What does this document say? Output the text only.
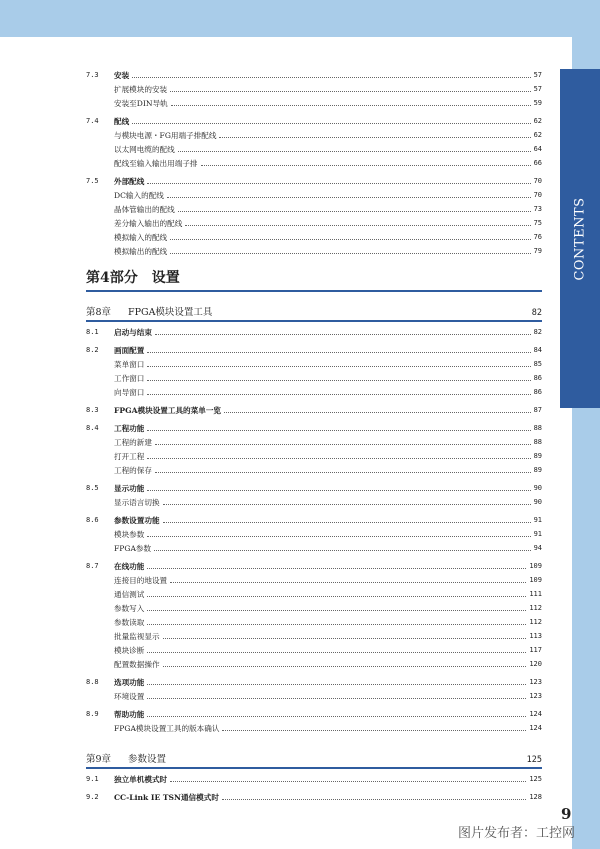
CONTENTS
7.3	安装	57
扩展模块的安装	57
安装至DIN导轨	59
7.4	配线	62
与模块电源・FG用端子排配线	62
以太网电缆的配线	64
配线至输入输出用端子排	66
7.5	外部配线	70
DC输入的配线	70
晶体管输出的配线	73
差分输入输出的配线	75
模拟输入的配线	76
模拟输出的配线	79
第4部分 设置
第8章	FPGA模块设置工具	82
8.1	启动与结束	82
8.2	画面配置	84
菜单窗口	85
工作窗口	86
向导窗口	86
8.3	FPGA模块设置工具的菜单一览	87
8.4	工程功能	88
工程的新建	88
打开工程	89
工程的保存	89
8.5	显示功能	90
显示语言切换	90
8.6	参数设置功能	91
模块参数	91
FPGA参数	94
8.7	在线功能	109
连接目的地设置	109
通信测试	111
参数写入	112
参数读取	112
批量监视显示	113
模块诊断	117
配置数据操作	120
8.8	选项功能	123
环境设置	123
8.9	帮助功能	124
FPGA模块设置工具的版本确认	124
第9章	参数设置	125
9.1	独立单机模式时	125
9.2	CC-Link IE TSN通信模式时	128
9
图片发布者：工控网
